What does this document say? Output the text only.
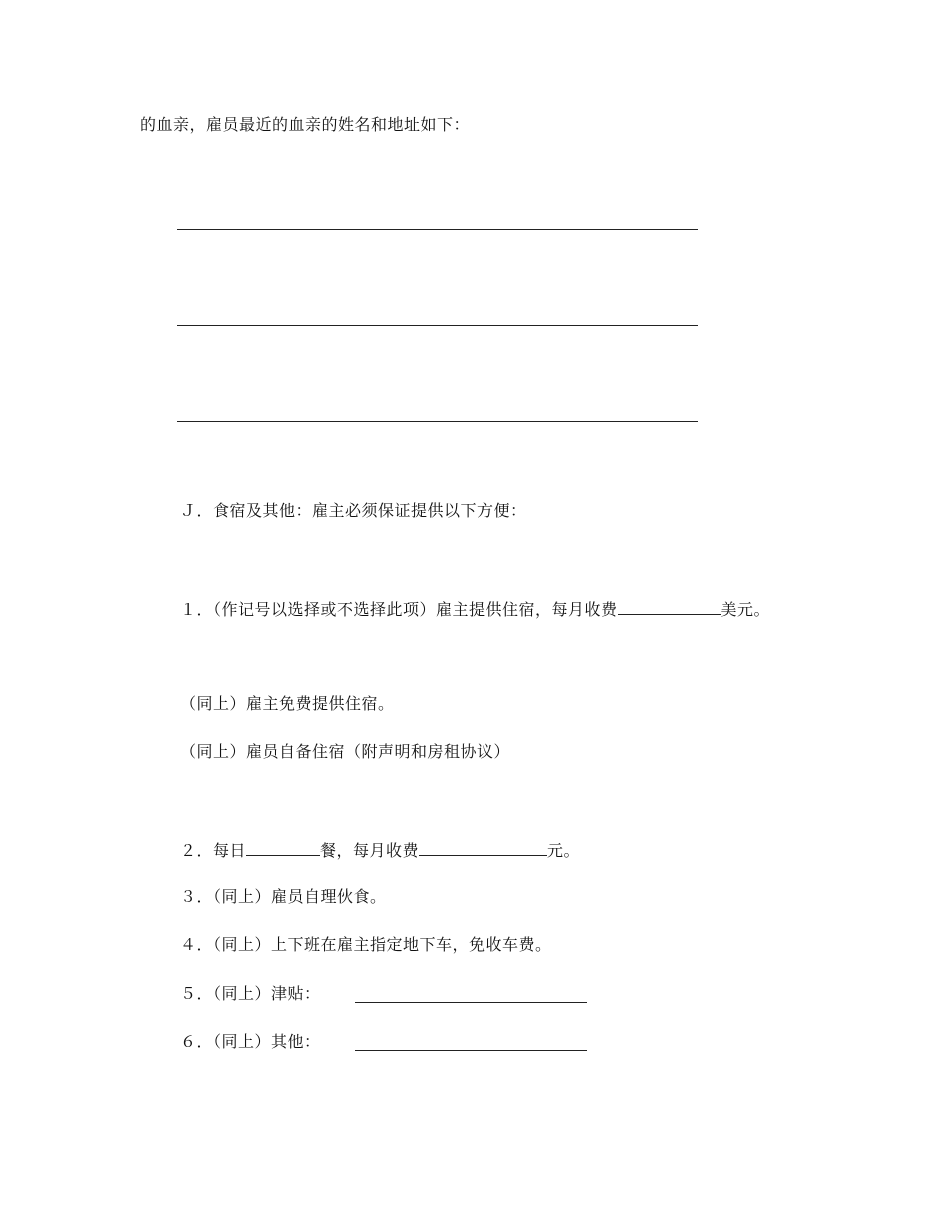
的血亲，雇员最近的血亲的姓名和地址如下：
Ｊ．食宿及其他：雇主必须保证提供以下方便：
１．（作记号以选择或不选择此项）雇主提供住宿，每月收费	美元。
（同上）雇主免费提供住宿。
（同上）雇员自备住宿（附声明和房租协议）
２．每日	餐，每月收费	元。
３．（同上）雇员自理伙食。
４．（同上）上下班在雇主指定地下车，免收车费。
５．（同上）津贴：
６．（同上）其他：
